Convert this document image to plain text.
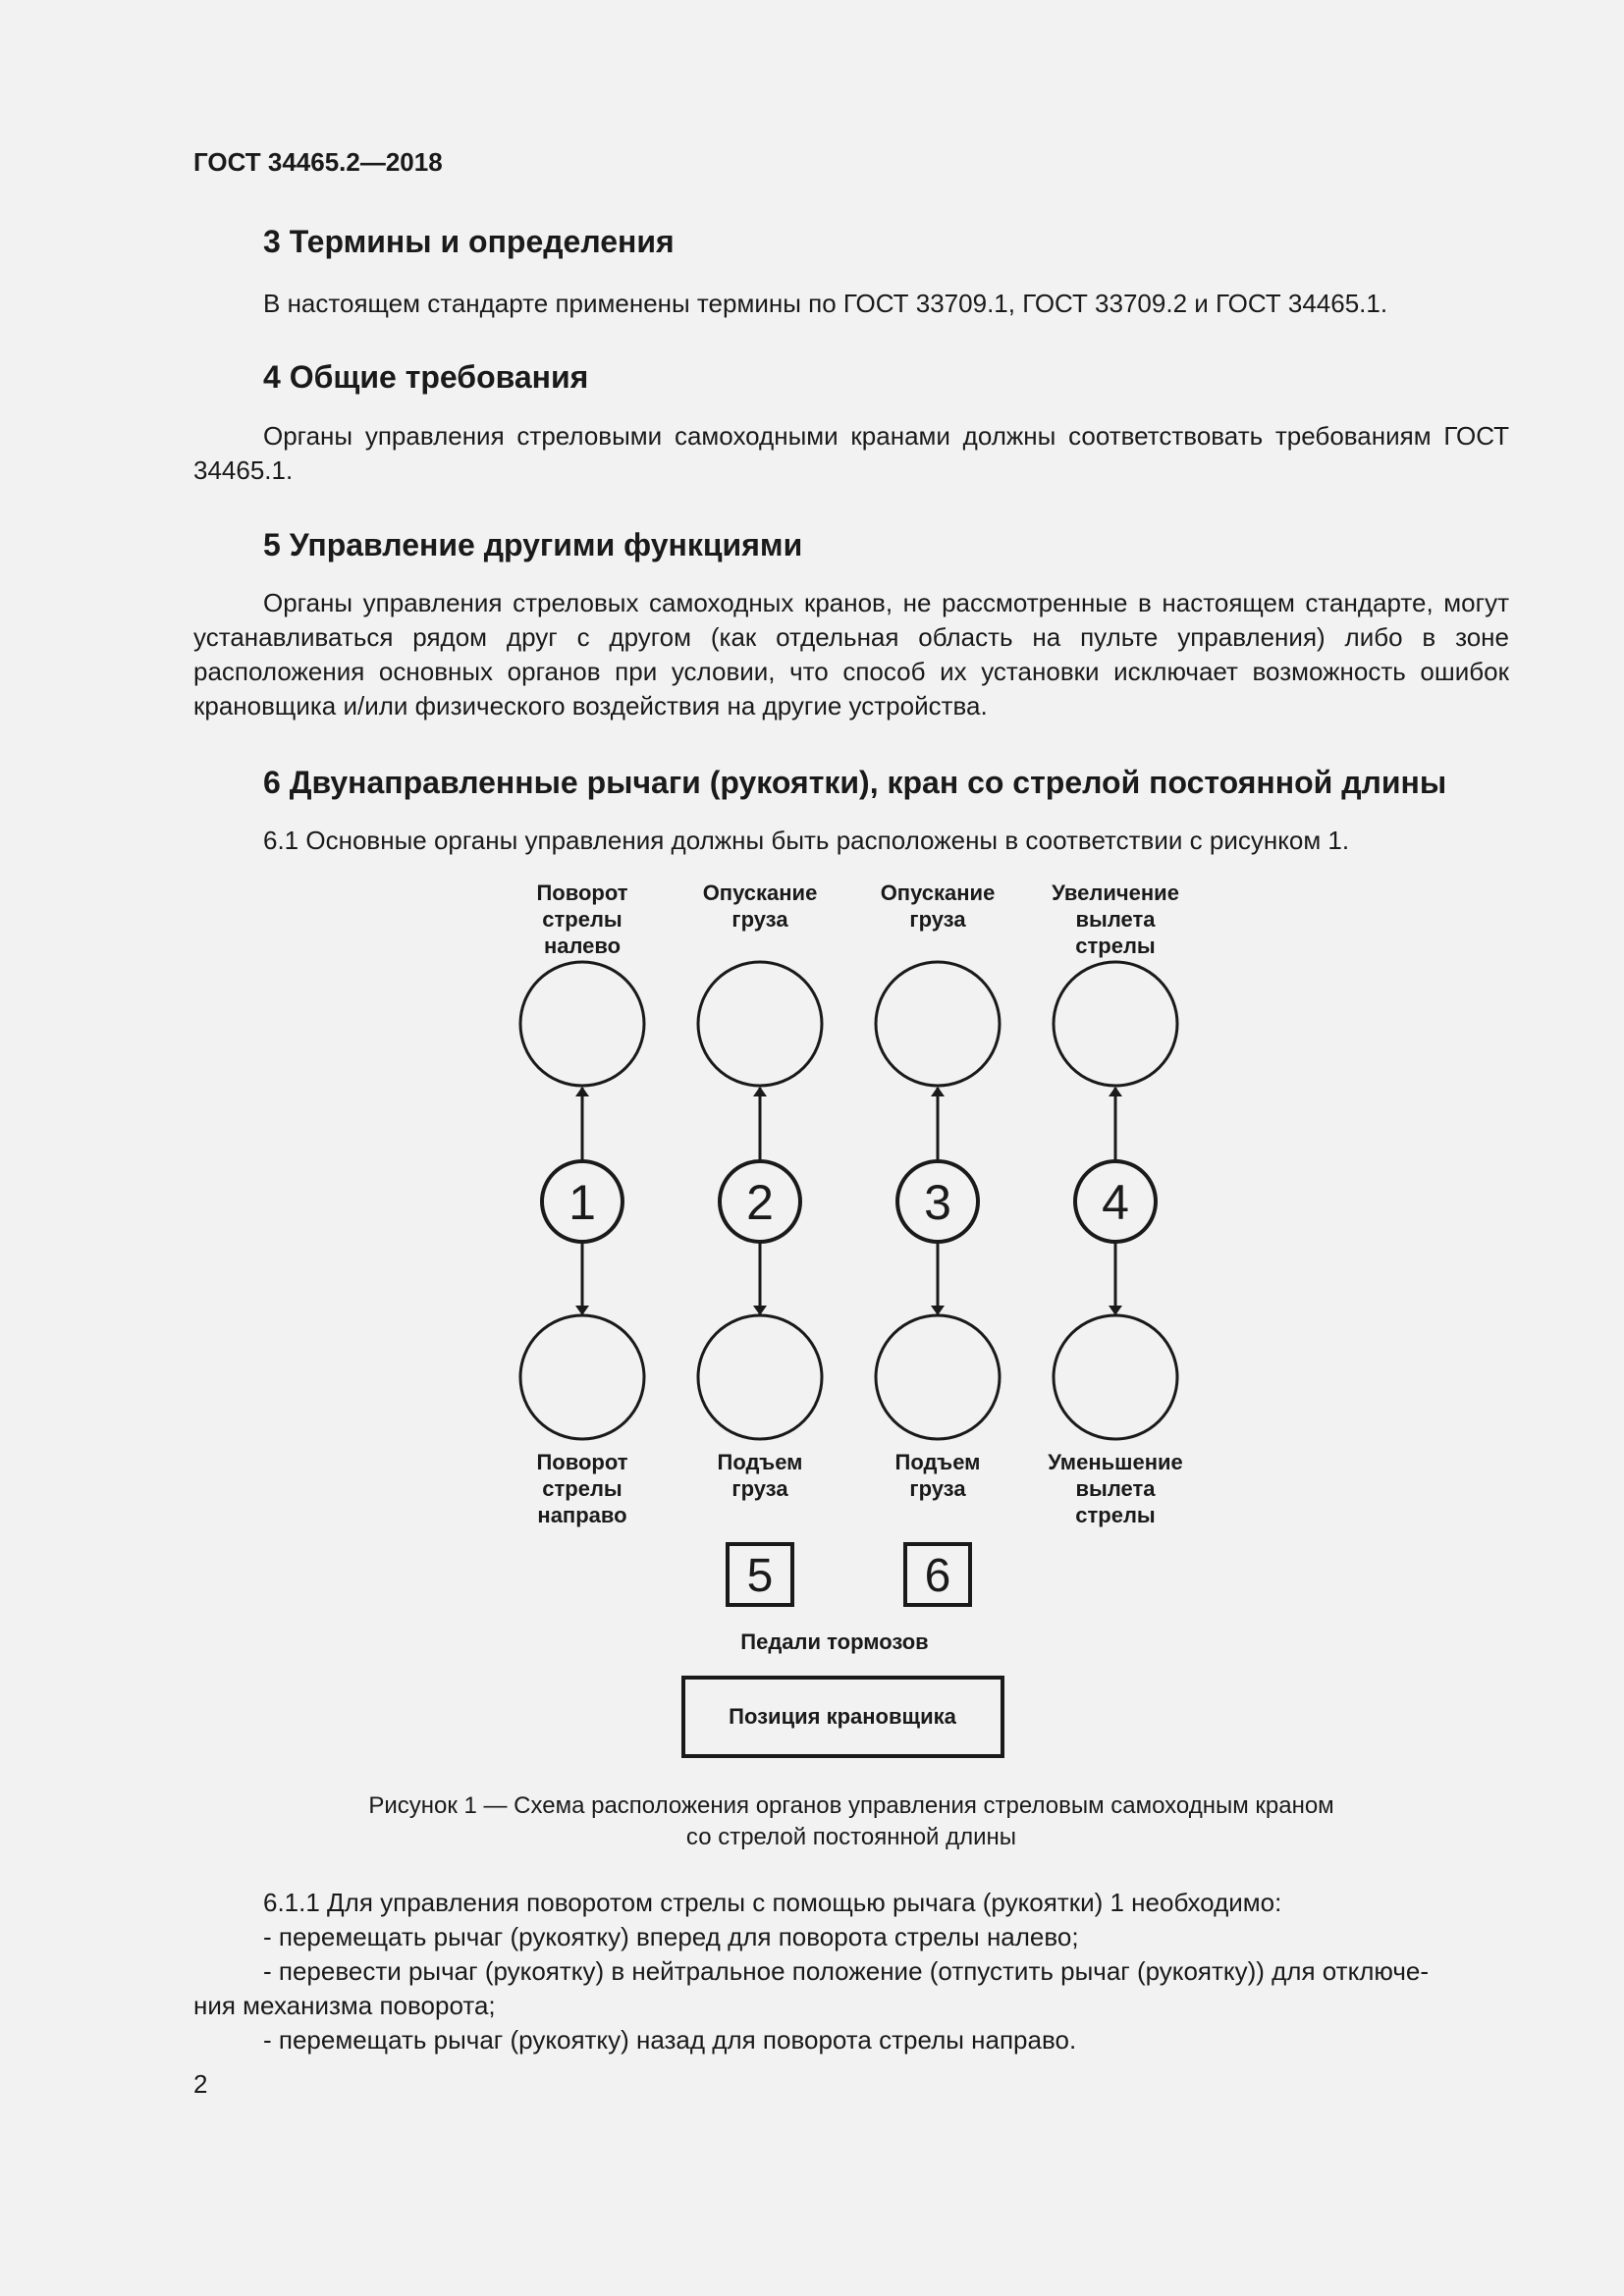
ГОСТ 34465.2—2018
3 Термины и определения

В настоящем стандарте применены термины по ГОСТ 33709.1, ГОСТ 33709.2 и ГОСТ 34465.1.

4 Общие требования

Органы управления стреловыми самоходными кранами должны соответствовать требованиям ГОСТ 34465.1.

5 Управление другими функциями

Органы управления стреловых самоходных кранов, не рассмотренные в настоящем стандарте, могут устанавливаться рядом друг с другом (как отдельная область на пульте управления) либо в зоне расположения основных органов при условии, что способ их установки исключает возможность ошибок крановщика и/или физического воздействия на другие устройства.

6 Двунаправленные рычаги (рукоятки), кран со стрелой постоянной длины
6.1 Основные органы управления должны быть расположены в соответствии с рисунком 1.
Поворот
стрелы
налево
1
Поворот
стрелы
направо
Опускание
груза
2
Подъем
груза
Опускание
груза
3
Подъем
груза
Увеличение
вылета
стрелы
4
Уменьшение
вылета
стрелы
5	6
Педали тормозов
Позиция крановщика
Рисунок 1 — Схема расположения органов управления стреловым самоходным краном
со стрелой постоянной длины
6.1.1 Для управления поворотом стрелы с помощью рычага (рукоятки) 1 необходимо:
- перемещать рычаг (рукоятку) вперед для поворота стрелы налево;
- перевести рычаг (рукоятку) в нейтральное положение (отпустить рычаг (рукоятку)) для отключе-
ния механизма поворота;
- перемещать рычаг (рукоятку) назад для поворота стрелы направо.
2
